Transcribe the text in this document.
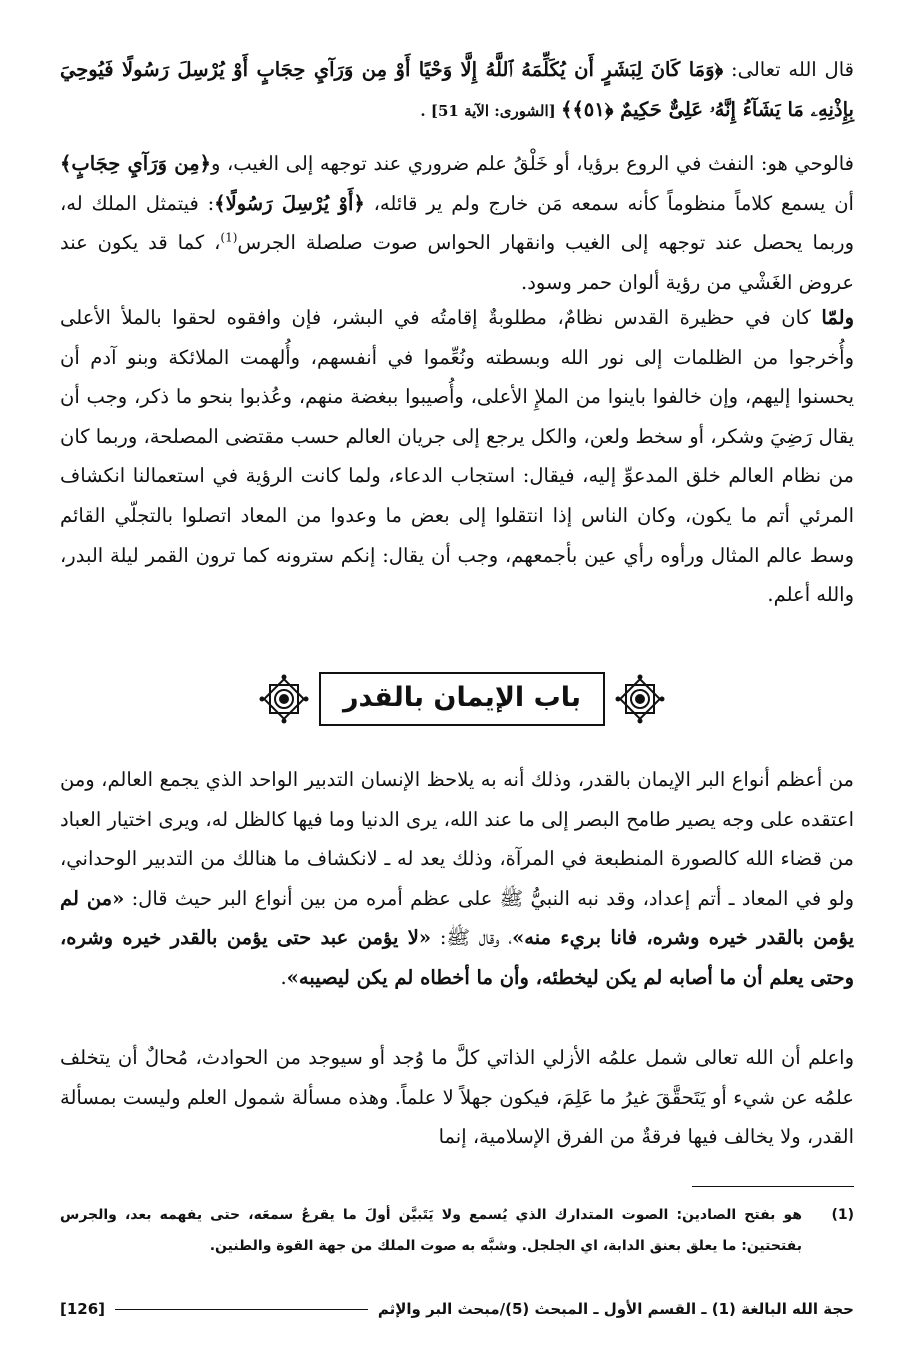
قال الله تعالى: ﴿وَمَا كَانَ لِبَشَرٍ أَن يُكَلِّمَهُ ٱللَّهُ إِلَّا وَحْيًا أَوْ مِن وَرَآيِ حِجَابٍ أَوْ يُرْسِلَ رَسُولًا فَيُوحِيَ بِإِذْنِهِۦ مَا يَشَآءُ إِنَّهُۥ عَلِىٌّ حَكِيمٌ ﴿٥١﴾﴾ [الشورى: الآية 51] .
فالوحي هو: النفث في الروع برؤيا، أو خَلْقُ علم ضروري عند توجهه إلى الغيب، و﴿مِن وَرَآيِ حِجَابٍ﴾ أن يسمع كلاماً منظوماً كأنه سمعه مَن خارج ولم ير قائله، ﴿أَوْ يُرْسِلَ رَسُولًا﴾: فيتمثل الملك له، وربما يحصل عند توجهه إلى الغيب وانقهار الحواس صوت صلصلة الجرس$^{(1)}$، كما قد يكون عند عروض الغَشْي من رؤية ألوان حمر وسود.
ولمّا كان في حظيرة القدس نظامٌ، مطلوبةٌ إقامتُه في البشر، فإن وافقوه لحقوا بالملأ الأعلى وأُخرجوا من الظلمات إلى نور الله وبسطته ونُعِّموا في أنفسهم، وأُلهمت الملائكة وبنو آدم أن يحسنوا إليهم، وإن خالفوا باينوا من الملإِ الأعلى، وأُصيبوا ببغضة منهم، وعُذبوا بنحو ما ذكر، وجب أن يقال رَضِيَ وشكر، أو سخط ولعن، والكل يرجع إلى جريان العالم حسب مقتضى المصلحة، وربما كان من نظام العالم خلق المدعوِّ إليه، فيقال: استجاب الدعاء، ولما كانت الرؤية في استعمالنا انكشاف المرئي أتم ما يكون، وكان الناس إذا انتقلوا إلى بعض ما وعدوا من المعاد اتصلوا بالتجلّي القائم وسط عالم المثال ورأوه رأي عين بأجمعهم، وجب أن يقال: إنكم سترونه كما ترون القمر ليلة البدر، والله أعلم.
باب الإيمان بالقدر
من أعظم أنواع البر الإيمان بالقدر، وذلك أنه به يلاحظ الإنسان التدبير الواحد الذي يجمع العالم، ومن اعتقده على وجه يصير طامح البصر إلى ما عند الله، يرى الدنيا وما فيها كالظل له، ويرى اختيار العباد من قضاء الله كالصورة المنطبعة في المرآة، وذلك يعد له ـ لانكشاف ما هنالك من التدبير الوحداني، ولو في المعاد ـ أتم إعداد، وقد نبه النبيُّ ﷺ على عظم أمره من بين أنواع البر حيث قال: «من لم يؤمن بالقدر خيره وشره، فانا بريء منه»، وقال ﷺ: «لا يؤمن عبد حتى يؤمن بالقدر خيره وشره، وحتى يعلم أن ما أصابه لم يكن ليخطئه، وأن ما أخطاه لم يكن ليصيبه».
واعلم أن الله تعالى شمل علمُه الأزلي الذاتي كلَّ ما وُجد أو سيوجد من الحوادث، مُحالٌ أن يتخلف علمُه عن شيء أو يَتَحقَّقَ غيرُ ما عَلِمَ، فيكون جهلاً لا علماً. وهذه مسألة شمول العلم وليست بمسألة القدر، ولا يخالف فيها فرقةٌ من الفرق الإسلامية، إنما
(1)
هو بفتح الصادين: الصوت المتدارك الذي يُسمع ولا يَتَبيَّن أولَ ما يقرعُ سمعَه، حتى يفهمه بعد، والجرس بفتحتين: ما يعلق بعنق الدابة، اي الجلجل. وشبَّه به صوت الملك من جهة القوة والطنين.
حجة الله البالغة (1) ـ القسم الأول ـ المبحث (5)/مبحث البر والإثم
[126]
